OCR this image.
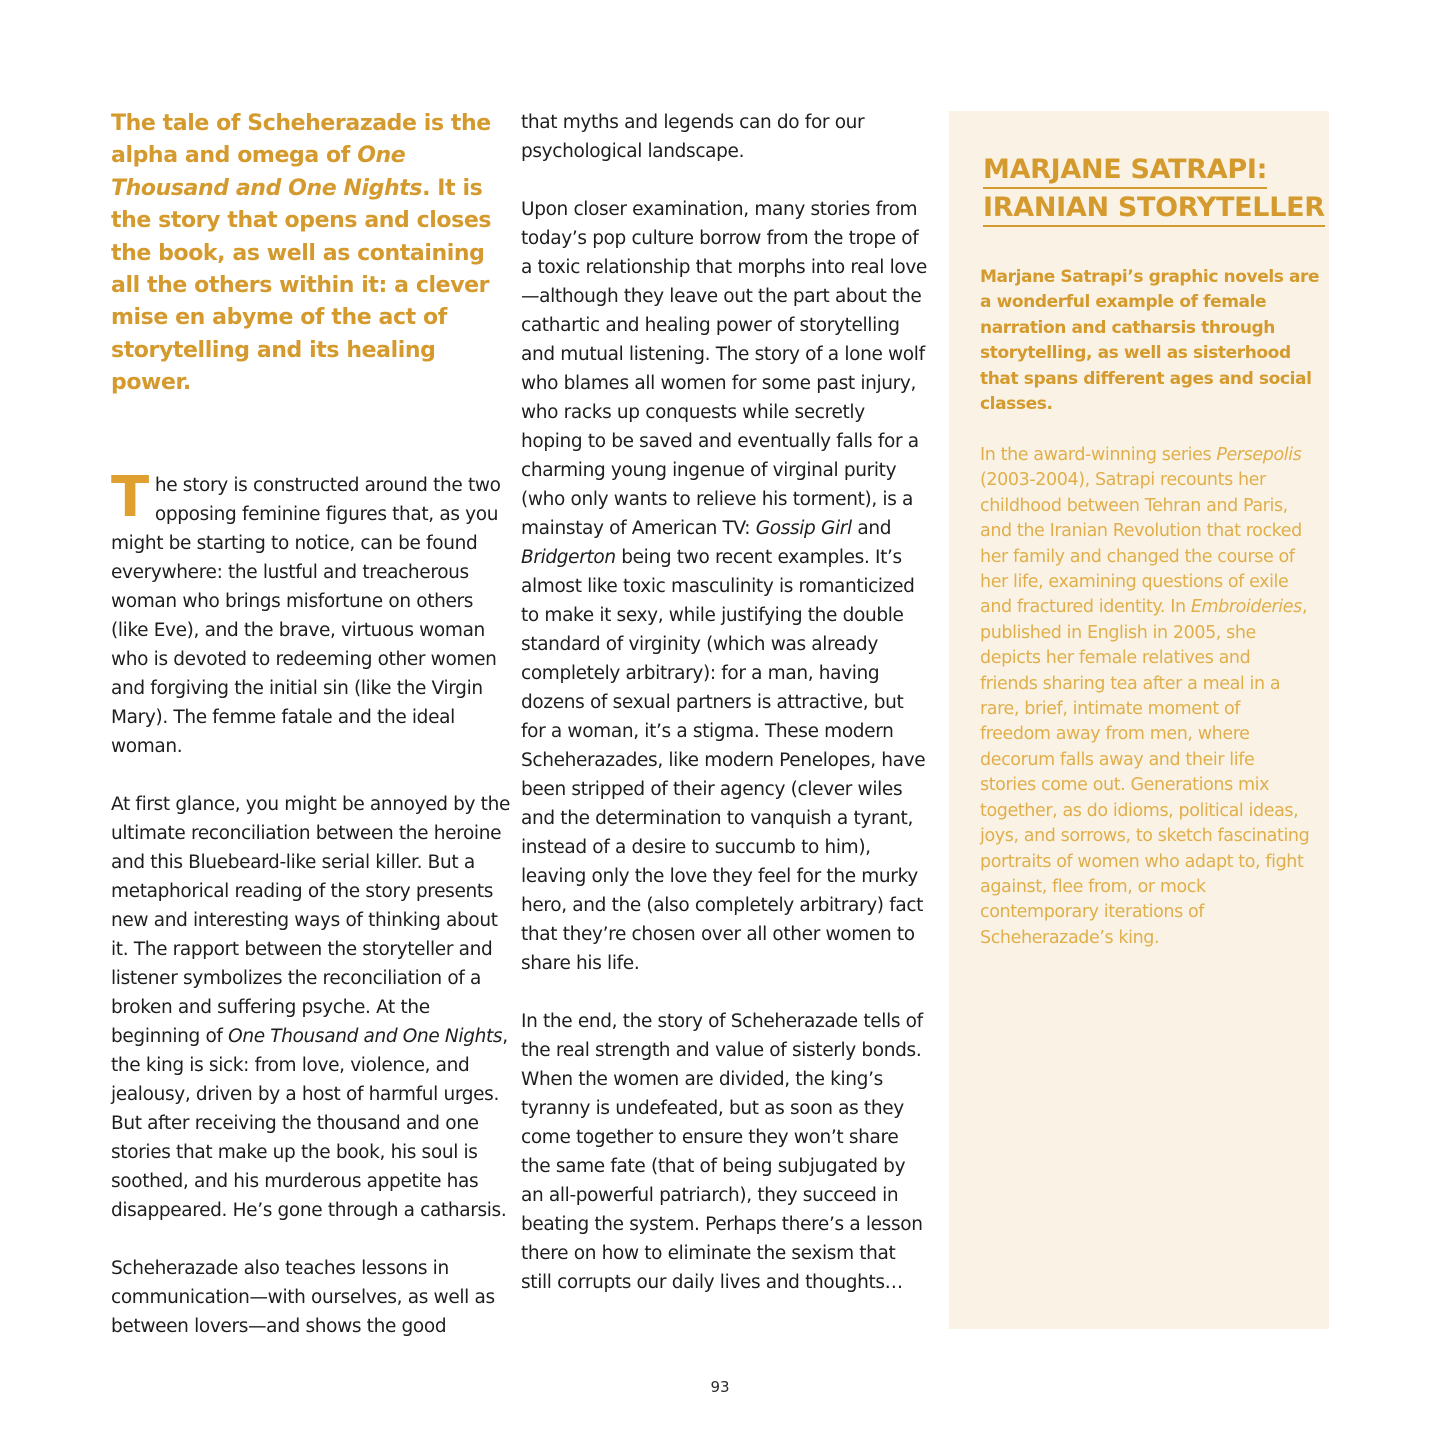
The tale of Scheherazade is the alpha and omega of One Thousand and One Nights. It is the story that opens and closes the book, as well as containing all the others within it: a clever mise en abyme of the act of storytelling and its healing power.

The story is constructed around the two opposing feminine figures that, as you might be starting to notice, can be found everywhere: the lustful and treacherous woman who brings misfortune on others (like Eve), and the brave, virtuous woman who is devoted to redeeming other women and forgiving the initial sin (like the Virgin Mary). The femme fatale and the ideal woman.

At first glance, you might be annoyed by the ultimate reconciliation between the heroine and this Bluebeard-like serial killer. But a metaphorical reading of the story presents new and interesting ways of thinking about it. The rapport between the storyteller and listener symbolizes the reconciliation of a broken and suffering psyche. At the beginning of One Thousand and One Nights, the king is sick: from love, violence, and jealousy, driven by a host of harmful urges. But after receiving the thousand and one stories that make up the book, his soul is soothed, and his murderous appetite has disappeared. He’s gone through a catharsis.

Scheherazade also teaches lessons in communication—with ourselves, as well as between lovers—and shows the good

that myths and legends can do for our psychological landscape.

Upon closer examination, many stories from today’s pop culture borrow from the trope of a toxic relationship that morphs into real love—although they leave out the part about the cathartic and healing power of storytelling and mutual listening. The story of a lone wolf who blames all women for some past injury, who racks up conquests while secretly hoping to be saved and eventually falls for a charming young ingenue of virginal purity (who only wants to relieve his torment), is a mainstay of American TV: Gossip Girl and Bridgerton being two recent examples. It’s almost like toxic masculinity is romanticized to make it sexy, while justifying the double standard of virginity (which was already completely arbitrary): for a man, having dozens of sexual partners is attractive, but for a woman, it’s a stigma. These modern Scheherazades, like modern Penelopes, have been stripped of their agency (clever wiles and the determination to vanquish a tyrant, instead of a desire to succumb to him), leaving only the love they feel for the murky hero, and the (also completely arbitrary) fact that they’re chosen over all other women to share his life.

In the end, the story of Scheherazade tells of the real strength and value of sisterly bonds. When the women are divided, the king’s tyranny is undefeated, but as soon as they come together to ensure they won’t share the same fate (that of being subjugated by an all-powerful patriarch), they succeed in beating the system. Perhaps there’s a lesson there on how to eliminate the sexism that still corrupts our daily lives and thoughts…

MARJANE SATRAPI:
IRANIAN STORYTELLER

Marjane Satrapi’s graphic novels are a wonderful example of female narration and catharsis through storytelling, as well as sisterhood that spans different ages and social classes.

In the award-winning series Persepolis (2003-2004), Satrapi recounts her childhood between Tehran and Paris, and the Iranian Revolution that rocked her family and changed the course of her life, examining questions of exile and fractured identity. In Embroideries, published in English in 2005, she depicts her female relatives and friends sharing tea after a meal in a rare, brief, intimate moment of freedom away from men, where decorum falls away and their life stories come out. Generations mix together, as do idioms, political ideas, joys, and sorrows, to sketch fascinating portraits of women who adapt to, fight against, flee from, or mock contemporary iterations of Scheherazade’s king.

93
